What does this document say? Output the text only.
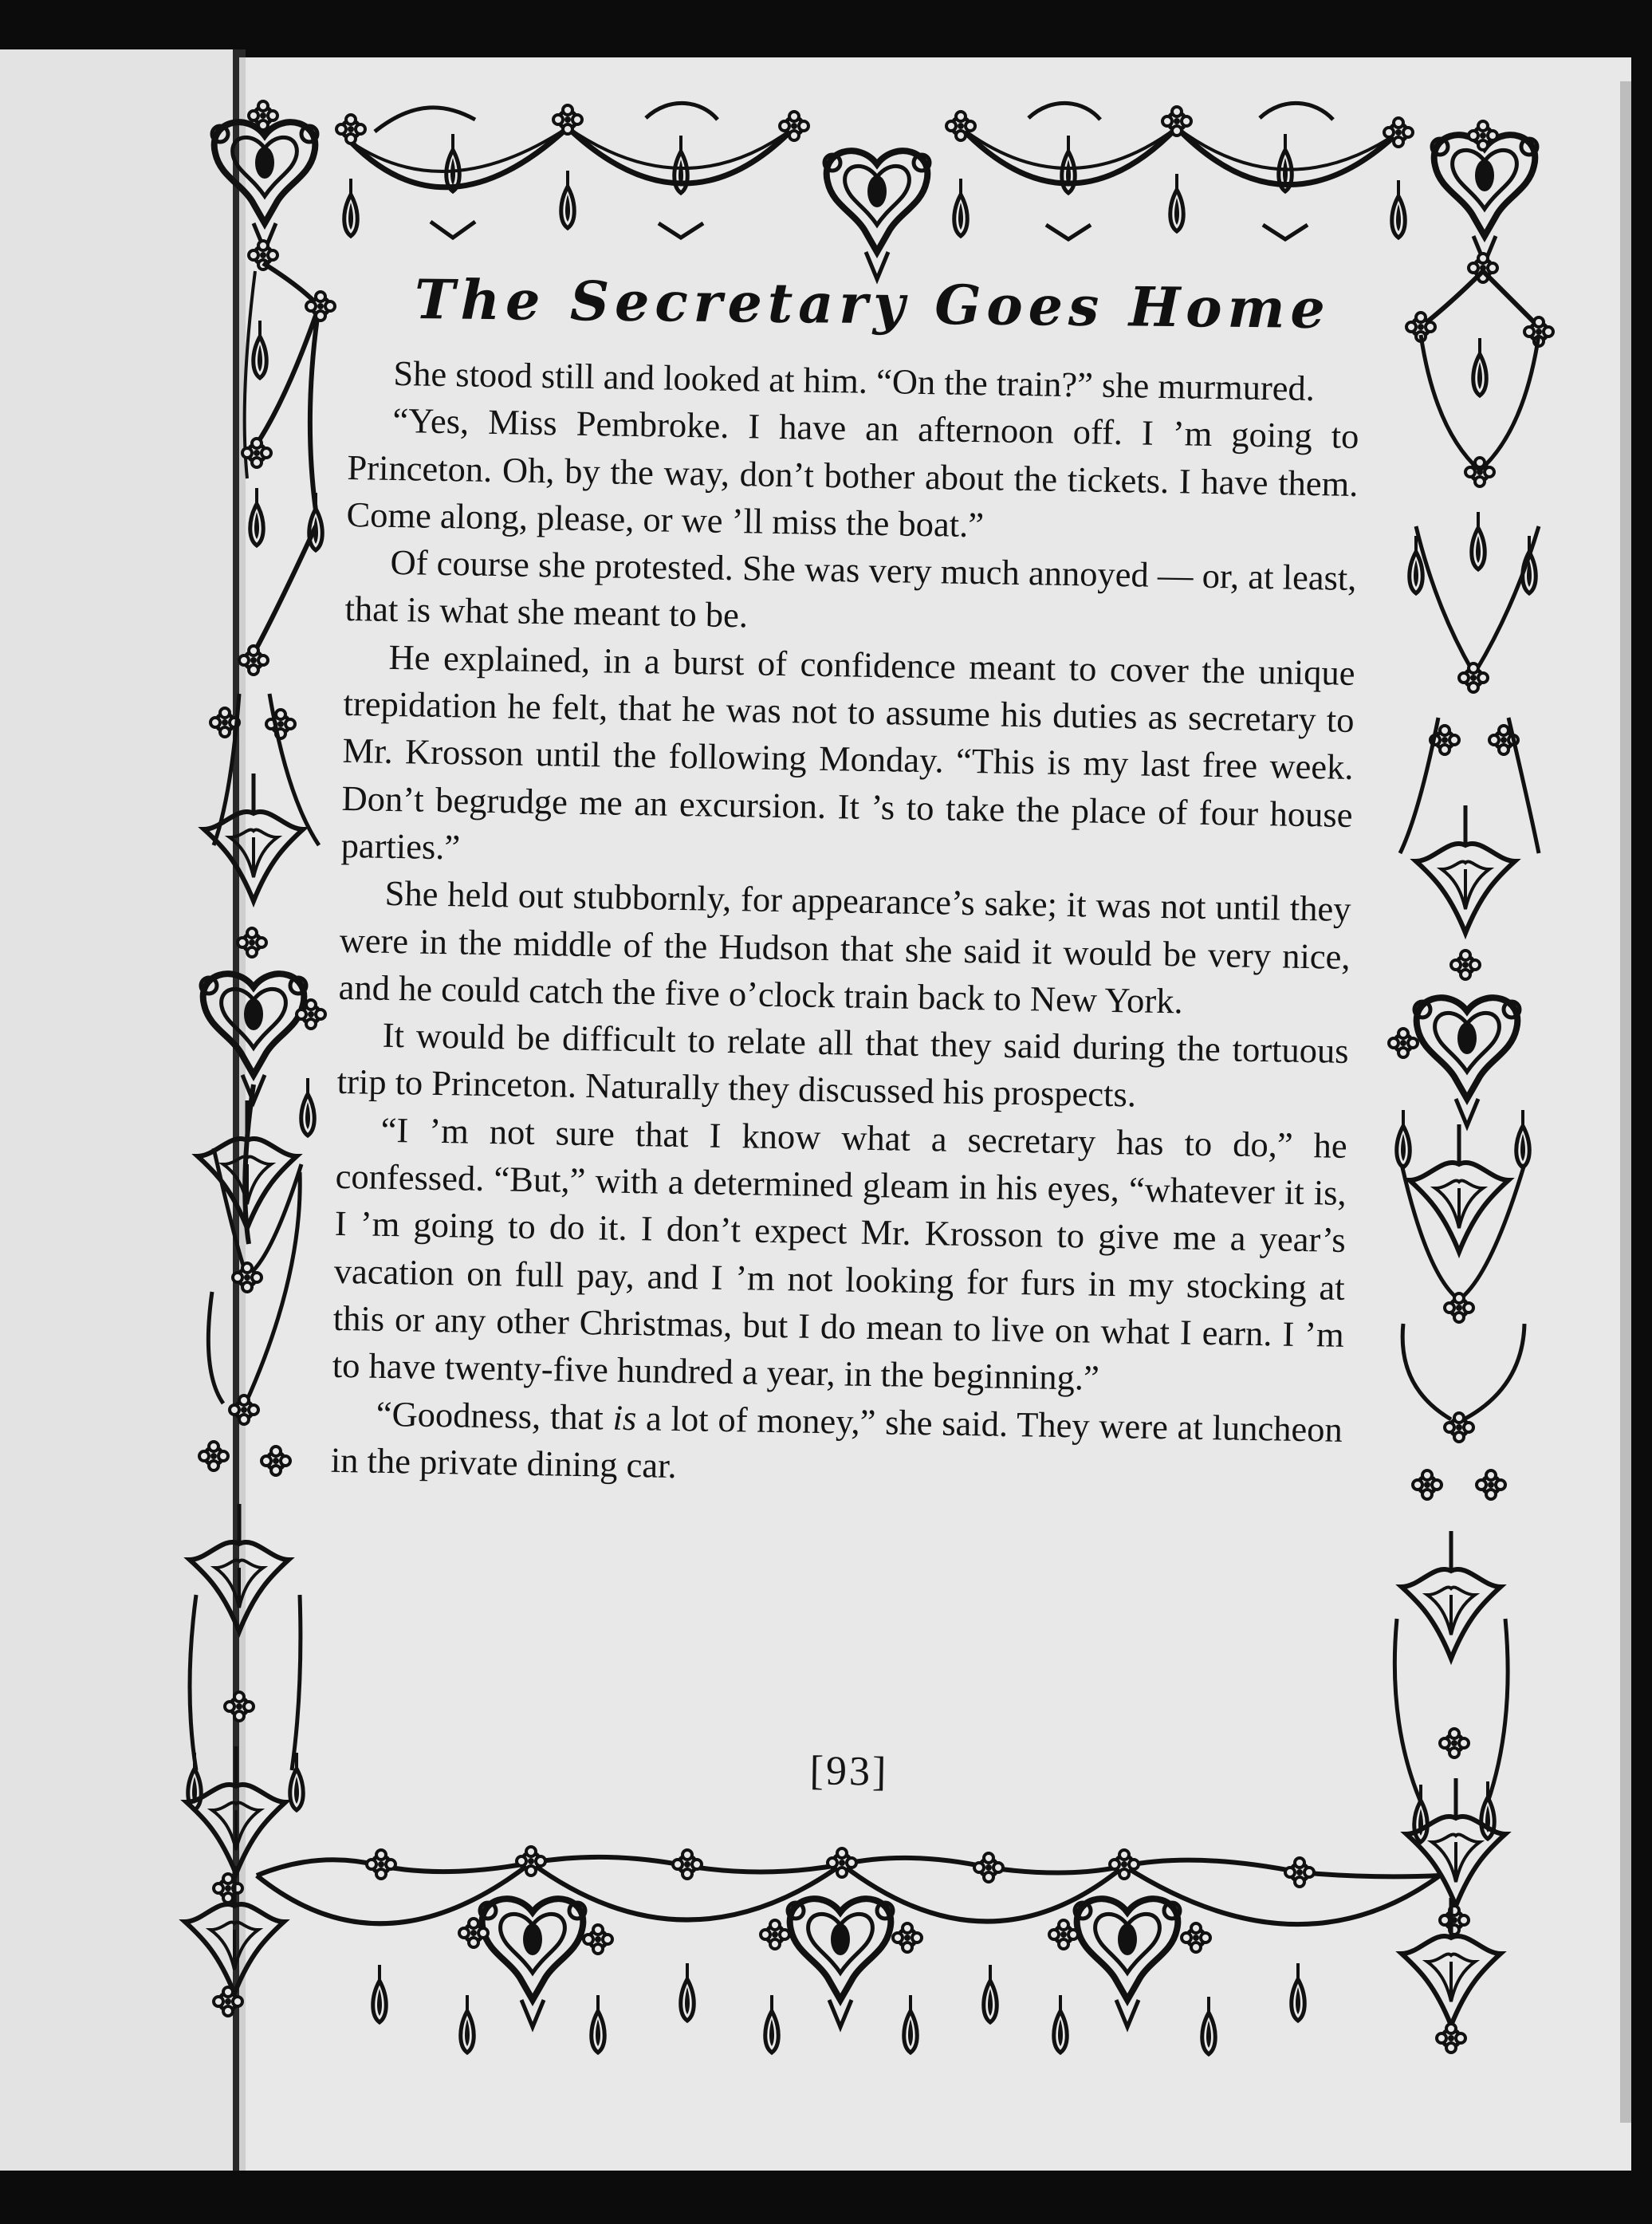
The Secretary Goes Home

She stood still and looked at him. “On the train?” she murmured.

“Yes, Miss Pembroke. I have an afternoon off. I ’m going to Princeton. Oh, by the way, don’t bother about the tickets. I have them. Come along, please, or we ’ll miss the boat.”

Of course she protested. She was very much annoyed — or, at least, that is what she meant to be.

He explained, in a burst of confidence meant to cover the unique trepidation he felt, that he was not to assume his duties as secretary to Mr. Krosson until the following Monday. “This is my last free week. Don’t begrudge me an excursion. It ’s to take the place of four house parties.”

She held out stubbornly, for appearance’s sake; it was not until they were in the middle of the Hudson that she said it would be very nice, and he could catch the five o’clock train back to New York.

It would be difficult to relate all that they said during the tortuous trip to Princeton. Naturally they discussed his prospects.

“I ’m not sure that I know what a secretary has to do,” he confessed. “But,” with a determined gleam in his eyes, “whatever it is, I ’m going to do it. I don’t expect Mr. Krosson to give me a year’s vacation on full pay, and I ’m not looking for furs in my stocking at this or any other Christmas, but I do mean to live on what I earn. I ’m to have twenty-five hundred a year, in the beginning.”

“Goodness, that is a lot of money,” she said. They were at luncheon in the private dining car.

[93]
